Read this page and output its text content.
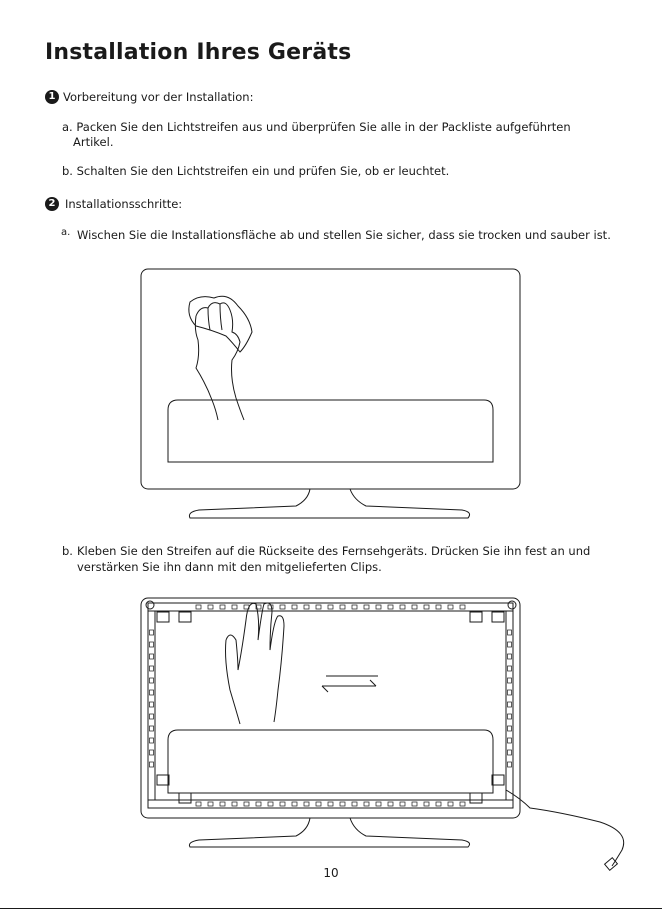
Installation Ihres Geräts
1 Vorbereitung vor der Installation:
a. Packen Sie den Lichtstreifen aus und überprüfen Sie alle in der Packliste aufgeführten
Artikel.
b. Schalten Sie den Lichtstreifen ein und prüfen Sie, ob er leuchtet.
2 Installationsschritte:
a. Wischen Sie die Installationsfläche ab und stellen Sie sicher, dass sie trocken und sauber ist.
b. Kleben Sie den Streifen auf die Rückseite des Fernsehgeräts. Drücken Sie ihn fest an und
verstärken Sie ihn dann mit den mitgelieferten Clips.
10
